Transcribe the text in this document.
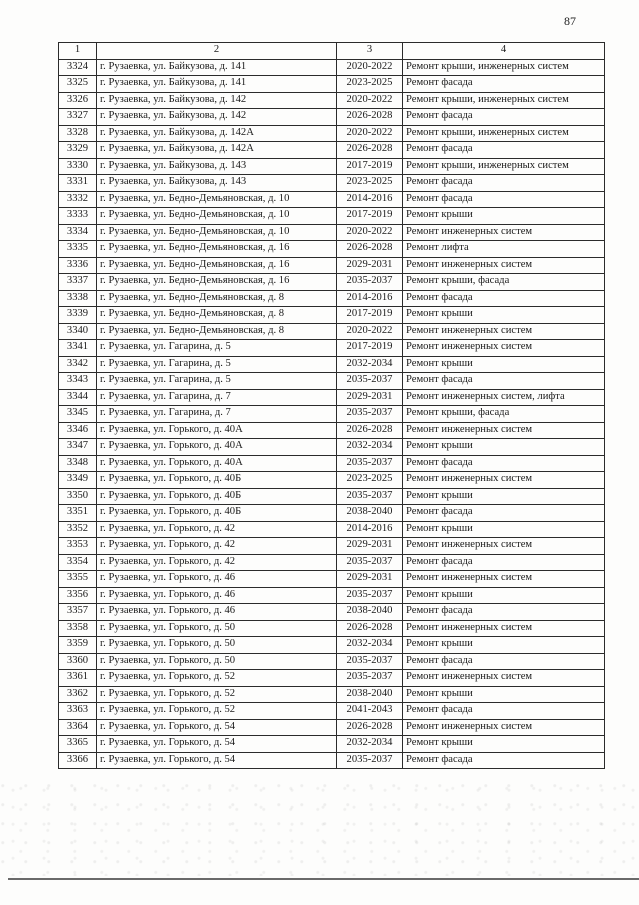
87
1	2	3	4
3324	г. Рузаевка, ул. Байкузова, д. 141	2020-2022	Ремонт крыши, инженерных систем
3325	г. Рузаевка, ул. Байкузова, д. 141	2023-2025	Ремонт фасада
3326	г. Рузаевка, ул. Байкузова, д. 142	2020-2022	Ремонт крыши, инженерных систем
3327	г. Рузаевка, ул. Байкузова, д. 142	2026-2028	Ремонт фасада
3328	г. Рузаевка, ул. Байкузова, д. 142А	2020-2022	Ремонт крыши, инженерных систем
3329	г. Рузаевка, ул. Байкузова, д. 142А	2026-2028	Ремонт фасада
3330	г. Рузаевка, ул. Байкузова, д. 143	2017-2019	Ремонт крыши, инженерных систем
3331	г. Рузаевка, ул. Байкузова, д. 143	2023-2025	Ремонт фасада
3332	г. Рузаевка, ул. Бедно-Демьяновская, д. 10	2014-2016	Ремонт фасада
3333	г. Рузаевка, ул. Бедно-Демьяновская, д. 10	2017-2019	Ремонт крыши
3334	г. Рузаевка, ул. Бедно-Демьяновская, д. 10	2020-2022	Ремонт инженерных систем
3335	г. Рузаевка, ул. Бедно-Демьяновская, д. 16	2026-2028	Ремонт лифта
3336	г. Рузаевка, ул. Бедно-Демьяновская, д. 16	2029-2031	Ремонт инженерных систем
3337	г. Рузаевка, ул. Бедно-Демьяновская, д. 16	2035-2037	Ремонт крыши, фасада
3338	г. Рузаевка, ул. Бедно-Демьяновская, д. 8	2014-2016	Ремонт фасада
3339	г. Рузаевка, ул. Бедно-Демьяновская, д. 8	2017-2019	Ремонт крыши
3340	г. Рузаевка, ул. Бедно-Демьяновская, д. 8	2020-2022	Ремонт инженерных систем
3341	г. Рузаевка, ул. Гагарина, д. 5	2017-2019	Ремонт инженерных систем
3342	г. Рузаевка, ул. Гагарина, д. 5	2032-2034	Ремонт крыши
3343	г. Рузаевка, ул. Гагарина, д. 5	2035-2037	Ремонт фасада
3344	г. Рузаевка, ул. Гагарина, д. 7	2029-2031	Ремонт инженерных систем, лифта
3345	г. Рузаевка, ул. Гагарина, д. 7	2035-2037	Ремонт крыши, фасада
3346	г. Рузаевка, ул. Горького, д. 40А	2026-2028	Ремонт инженерных систем
3347	г. Рузаевка, ул. Горького, д. 40А	2032-2034	Ремонт крыши
3348	г. Рузаевка, ул. Горького, д. 40А	2035-2037	Ремонт фасада
3349	г. Рузаевка, ул. Горького, д. 40Б	2023-2025	Ремонт инженерных систем
3350	г. Рузаевка, ул. Горького, д. 40Б	2035-2037	Ремонт крыши
3351	г. Рузаевка, ул. Горького, д. 40Б	2038-2040	Ремонт фасада
3352	г. Рузаевка, ул. Горького, д. 42	2014-2016	Ремонт крыши
3353	г. Рузаевка, ул. Горького, д. 42	2029-2031	Ремонт инженерных систем
3354	г. Рузаевка, ул. Горького, д. 42	2035-2037	Ремонт фасада
3355	г. Рузаевка, ул. Горького, д. 46	2029-2031	Ремонт инженерных систем
3356	г. Рузаевка, ул. Горького, д. 46	2035-2037	Ремонт крыши
3357	г. Рузаевка, ул. Горького, д. 46	2038-2040	Ремонт фасада
3358	г. Рузаевка, ул. Горького, д. 50	2026-2028	Ремонт инженерных систем
3359	г. Рузаевка, ул. Горького, д. 50	2032-2034	Ремонт крыши
3360	г. Рузаевка, ул. Горького, д. 50	2035-2037	Ремонт фасада
3361	г. Рузаевка, ул. Горького, д. 52	2035-2037	Ремонт инженерных систем
3362	г. Рузаевка, ул. Горького, д. 52	2038-2040	Ремонт крыши
3363	г. Рузаевка, ул. Горького, д. 52	2041-2043	Ремонт фасада
3364	г. Рузаевка, ул. Горького, д. 54	2026-2028	Ремонт инженерных систем
3365	г. Рузаевка, ул. Горького, д. 54	2032-2034	Ремонт крыши
3366	г. Рузаевка, ул. Горького, д. 54	2035-2037	Ремонт фасада
